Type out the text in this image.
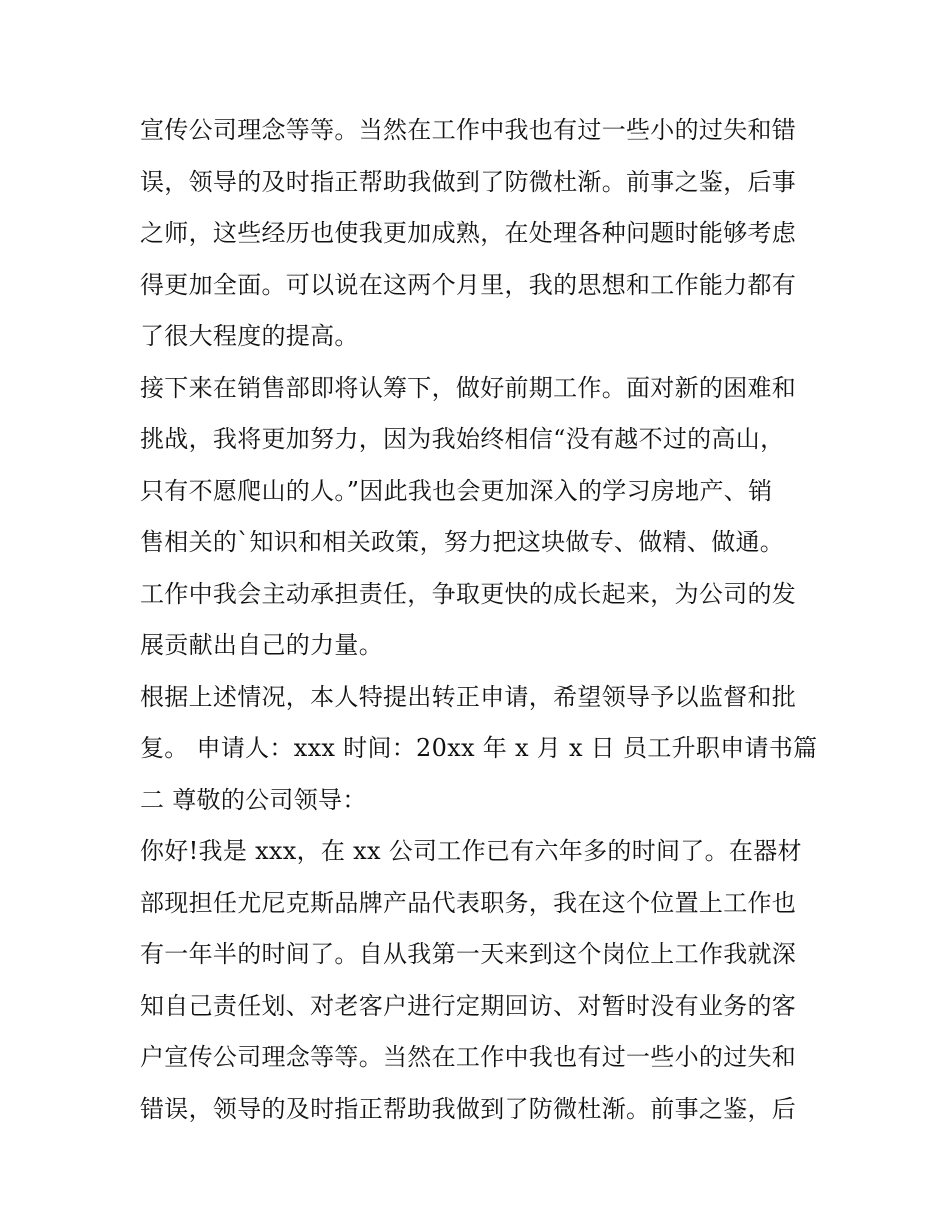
宣传公司理念等等。当然在工作中我也有过一些小的过失和错
误，领导的及时指正帮助我做到了防微杜渐。前事之鉴，后事
之师，这些经历也使我更加成熟，在处理各种问题时能够考虑
得更加全面。可以说在这两个月里，我的思想和工作能力都有
了很大程度的提高。
接下来在销售部即将认筹下，做好前期工作。面对新的困难和
挑战，我将更加努力，因为我始终相信“没有越不过的高山，
只有不愿爬山的人。”因此我也会更加深入的学习房地产、销
售相关的`知识和相关政策，努力把这块做专、做精、做通。
工作中我会主动承担责任，争取更快的成长起来，为公司的发
展贡献出自己的力量。
根据上述情况，本人特提出转正申请，希望领导予以监督和批
复。 申请人：xxx 时间：20xx 年 x 月 x 日 员工升职申请书篇
二 尊敬的公司领导：
你好!我是 xxx，在 xx 公司工作已有六年多的时间了。在器材
部现担任尤尼克斯品牌产品代表职务，我在这个位置上工作也
有一年半的时间了。自从我第一天来到这个岗位上工作我就深
知自己责任划、对老客户进行定期回访、对暂时没有业务的客
户宣传公司理念等等。当然在工作中我也有过一些小的过失和
错误，领导的及时指正帮助我做到了防微杜渐。前事之鉴，后
